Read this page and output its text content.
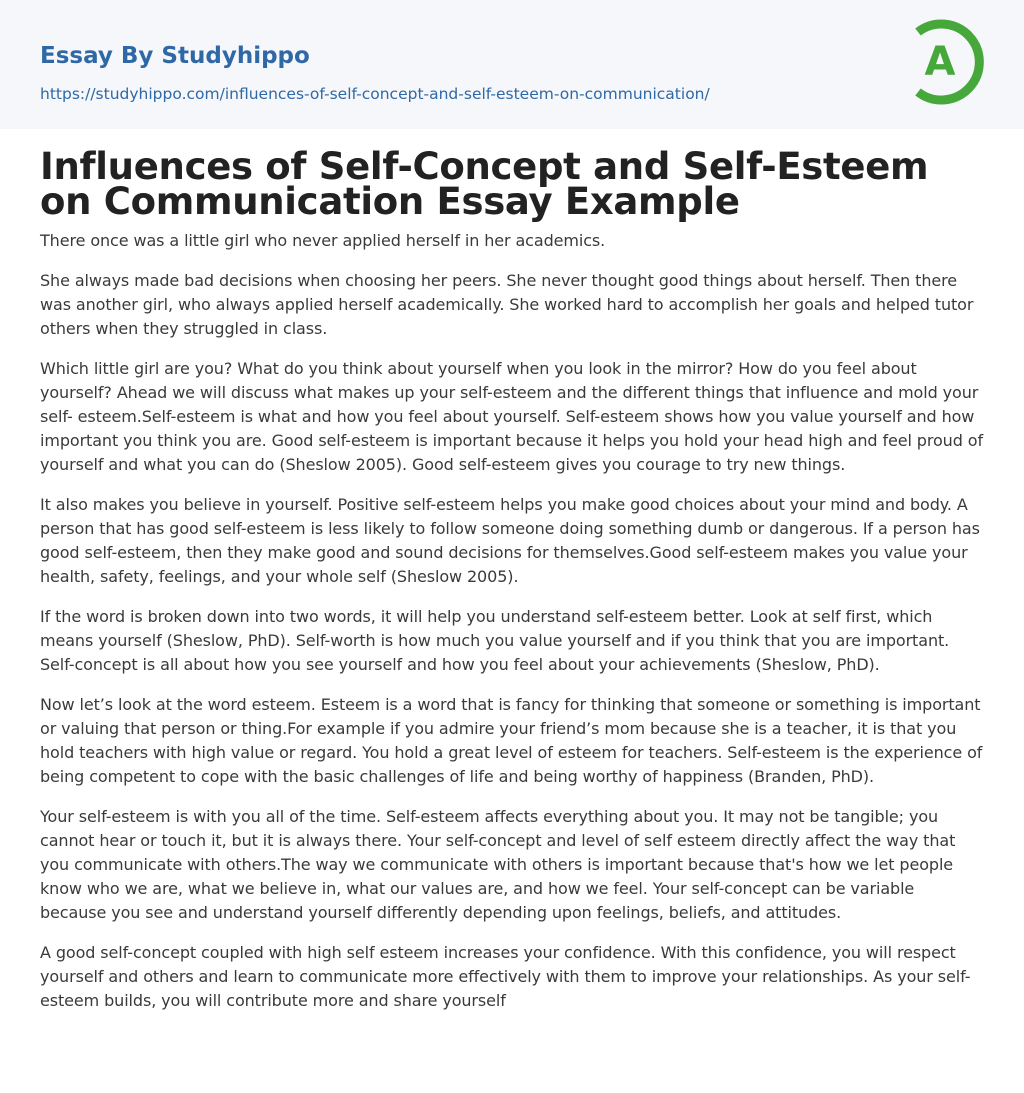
Essay By Studyhippo
https://studyhippo.com/influences-of-self-concept-and-self-esteem-on-communication/
A
Influences of Self-Concept and Self-Esteem on Communication Essay Example

There once was a little girl who never applied herself in her academics.

She always made bad decisions when choosing her peers. She never thought good things about herself. Then there was another girl, who always applied herself academically. She worked hard to accomplish her goals and helped tutor others when they struggled in class.

Which little girl are you? What do you think about yourself when you look in the mirror? How do you feel about yourself? Ahead we will discuss what makes up your self-esteem and the different things that influence and mold your self- esteem.Self-esteem is what and how you feel about yourself. Self-esteem shows how you value yourself and how important you think you are. Good self-esteem is important because it helps you hold your head high and feel proud of yourself and what you can do (Sheslow 2005). Good self-esteem gives you courage to try new things.

It also makes you believe in yourself. Positive self-esteem helps you make good choices about your mind and body. A person that has good self-esteem is less likely to follow someone doing something dumb or dangerous. If a person has good self-esteem, then they make good and sound decisions for themselves.Good self-esteem makes you value your health, safety, feelings, and your whole self (Sheslow 2005).

If the word is broken down into two words, it will help you understand self-esteem better. Look at self first, which means yourself (Sheslow, PhD). Self-worth is how much you value yourself and if you think that you are important. Self-concept is all about how you see yourself and how you feel about your achievements (Sheslow, PhD).

Now let’s look at the word esteem. Esteem is a word that is fancy for thinking that someone or something is important or valuing that person or thing.For example if you admire your friend’s mom because she is a teacher, it is that you hold teachers with high value or regard. You hold a great level of esteem for teachers. Self-esteem is the experience of being competent to cope with the basic challenges of life and being worthy of happiness (Branden, PhD).

Your self-esteem is with you all of the time. Self-esteem affects everything about you. It may not be tangible; you cannot hear or touch it, but it is always there. Your self-concept and level of self esteem directly affect the way that you communicate with others.The way we communicate with others is important because that's how we let people know who we are, what we believe in, what our values are, and how we feel. Your self-concept can be variable because you see and understand yourself differently depending upon feelings, beliefs, and attitudes.

A good self-concept coupled with high self esteem increases your confidence. With this confidence, you will respect yourself and others and learn to communicate more effectively with them to improve your relationships. As your self-esteem builds, you will contribute more and share yourself
